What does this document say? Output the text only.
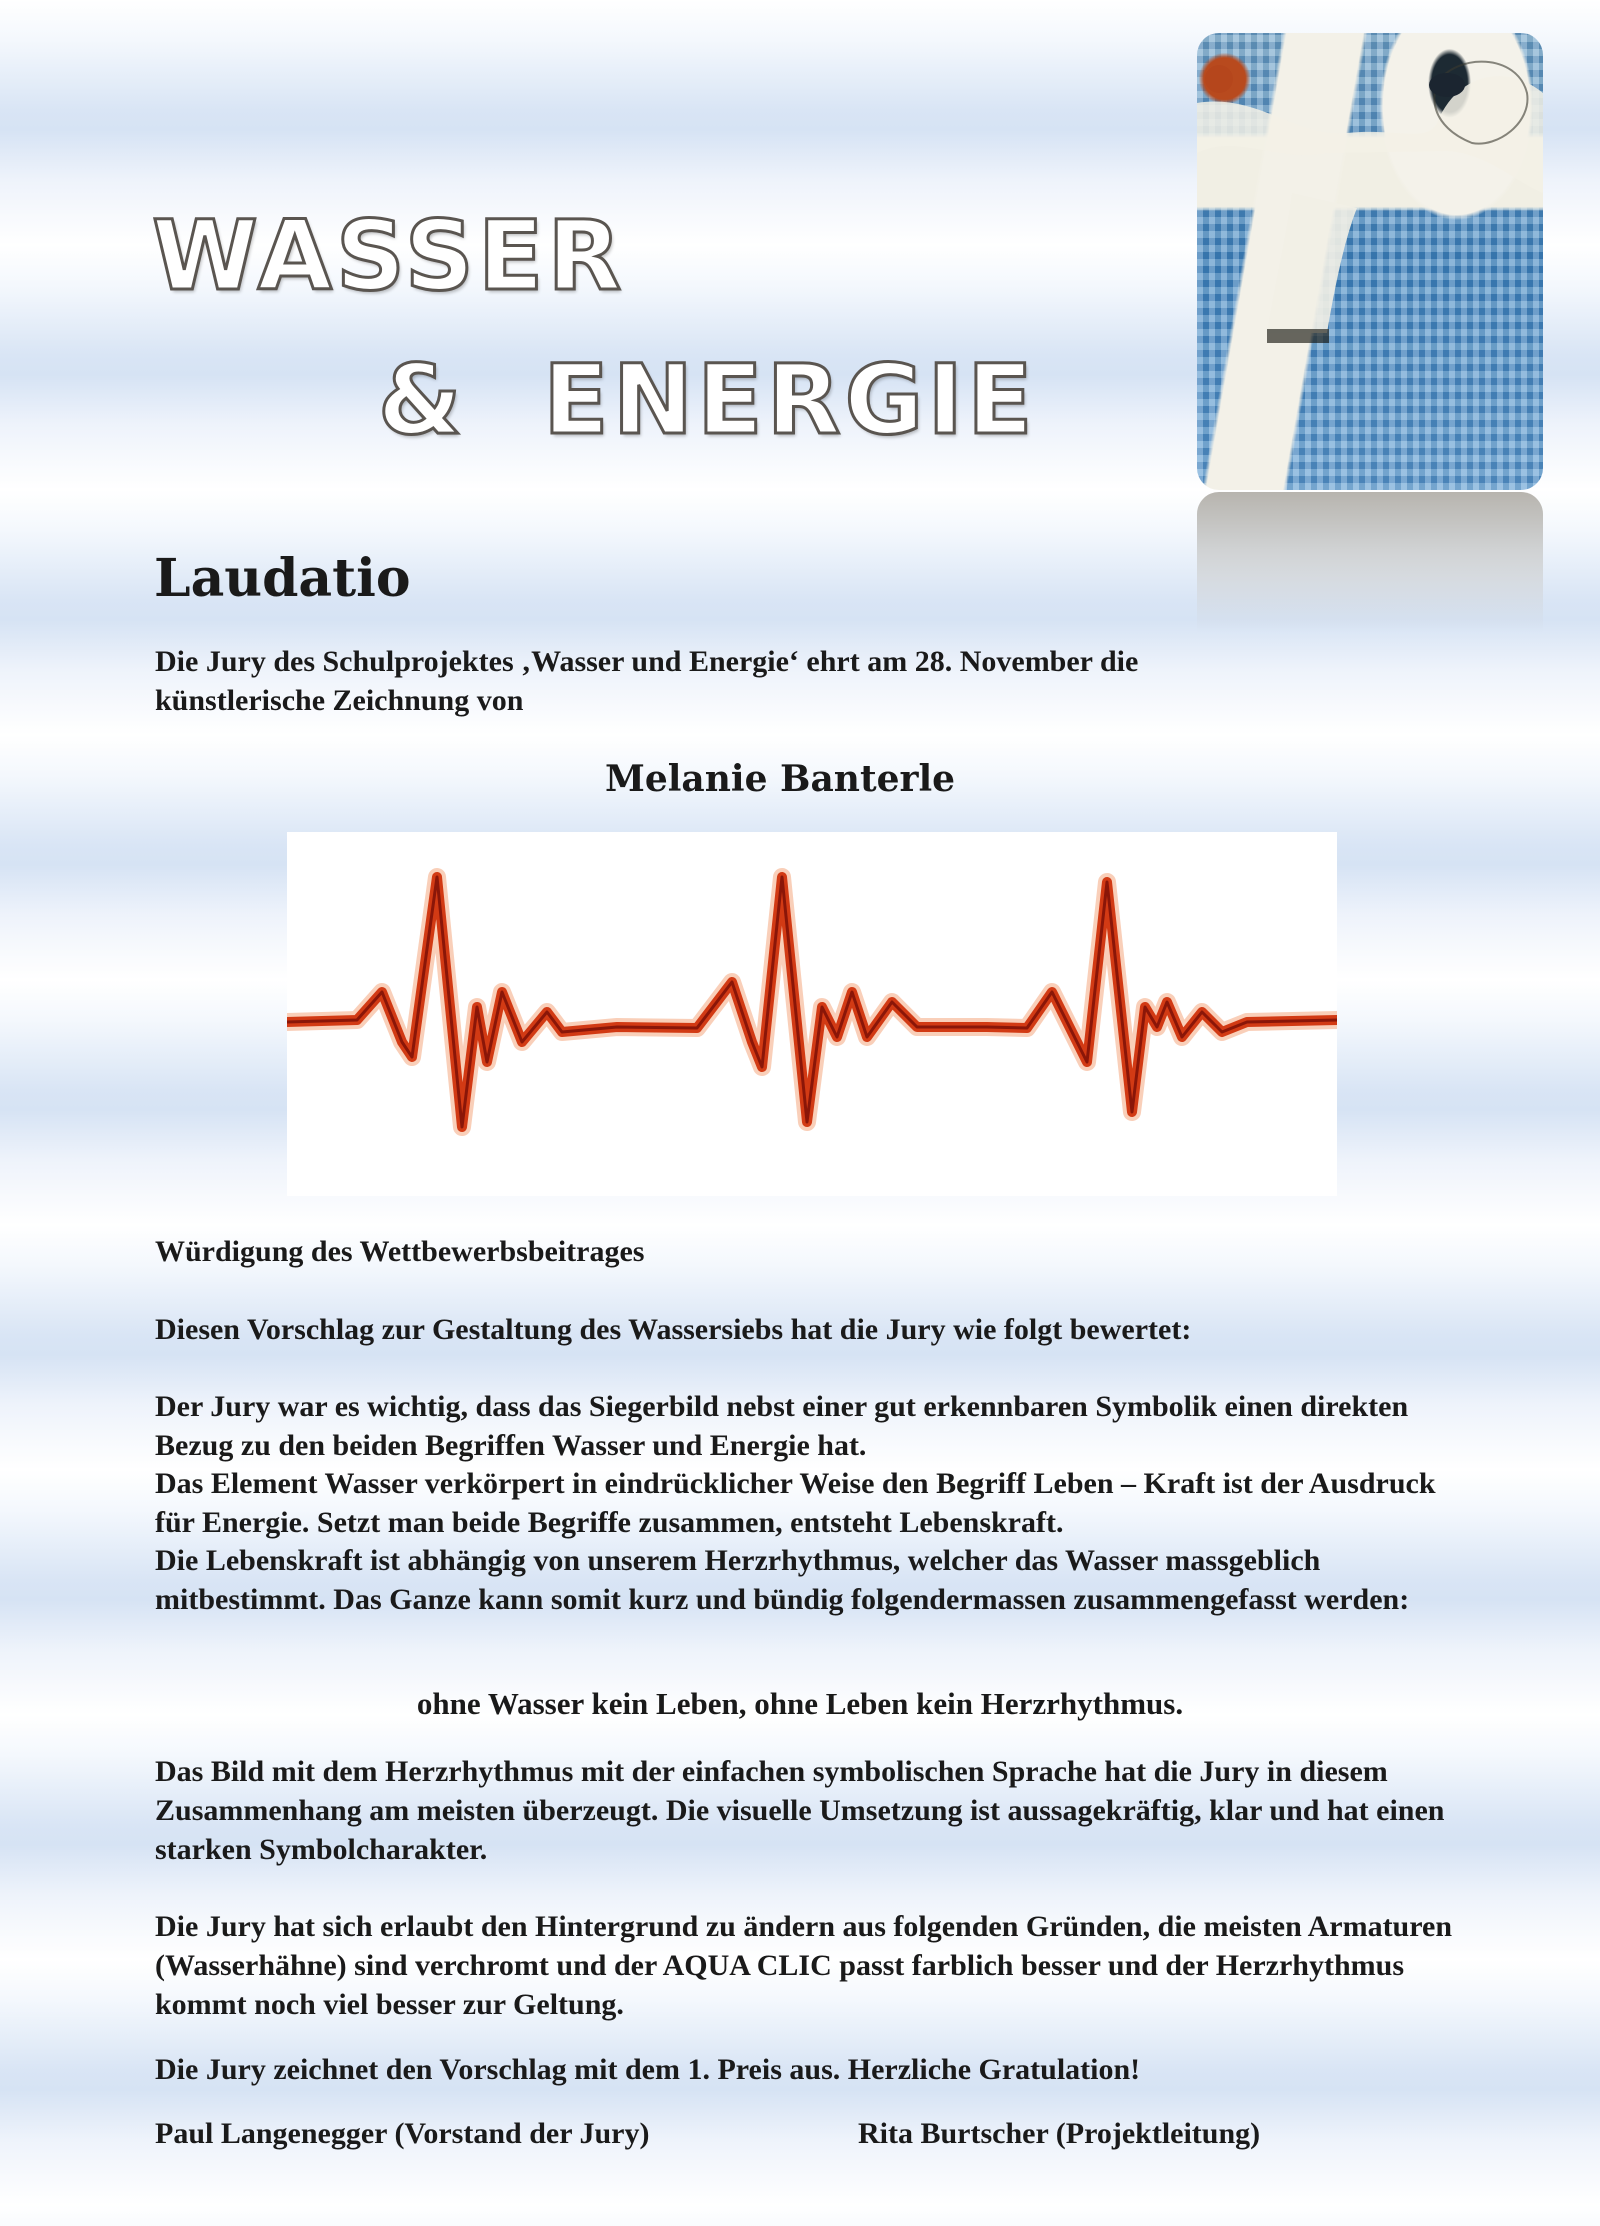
WASSER
& ENERGIE
Laudatio
Die Jury des Schulprojektes ‚Wasser und Energie‘ ehrt am 28. November die künstlerische Zeichnung von
Melanie Banterle
Würdigung des Wettbewerbsbeitrages
Diesen Vorschlag zur Gestaltung des Wassersiebs hat die Jury wie folgt bewertet:
Der Jury war es wichtig, dass das Siegerbild nebst einer gut erkennbaren Symbolik einen direkten Bezug zu den beiden Begriffen Wasser und Energie hat.
Das Element Wasser verkörpert in eindrücklicher Weise den Begriff Leben – Kraft ist der Ausdruck für Energie. Setzt man beide Begriffe zusammen, entsteht Lebenskraft.
Die Lebenskraft ist abhängig von unserem Herzrhythmus, welcher das Wasser massgeblich mitbestimmt. Das Ganze kann somit kurz und bündig folgendermassen zusammengefasst werden:
ohne Wasser kein Leben, ohne Leben kein Herzrhythmus.
Das Bild mit dem Herzrhythmus mit der einfachen symbolischen Sprache hat die Jury in diesem Zusammenhang am meisten überzeugt. Die visuelle Umsetzung ist aussagekräftig, klar und hat einen starken Symbolcharakter.
Die Jury hat sich erlaubt den Hintergrund zu ändern aus folgenden Gründen, die meisten Armaturen (Wasserhähne) sind verchromt und der AQUA CLIC passt farblich besser und der Herzrhythmus kommt noch viel besser zur Geltung.
Die Jury zeichnet den Vorschlag mit dem 1. Preis aus. Herzliche Gratulation!
Paul Langenegger (Vorstand der Jury)	Rita Burtscher (Projektleitung)
